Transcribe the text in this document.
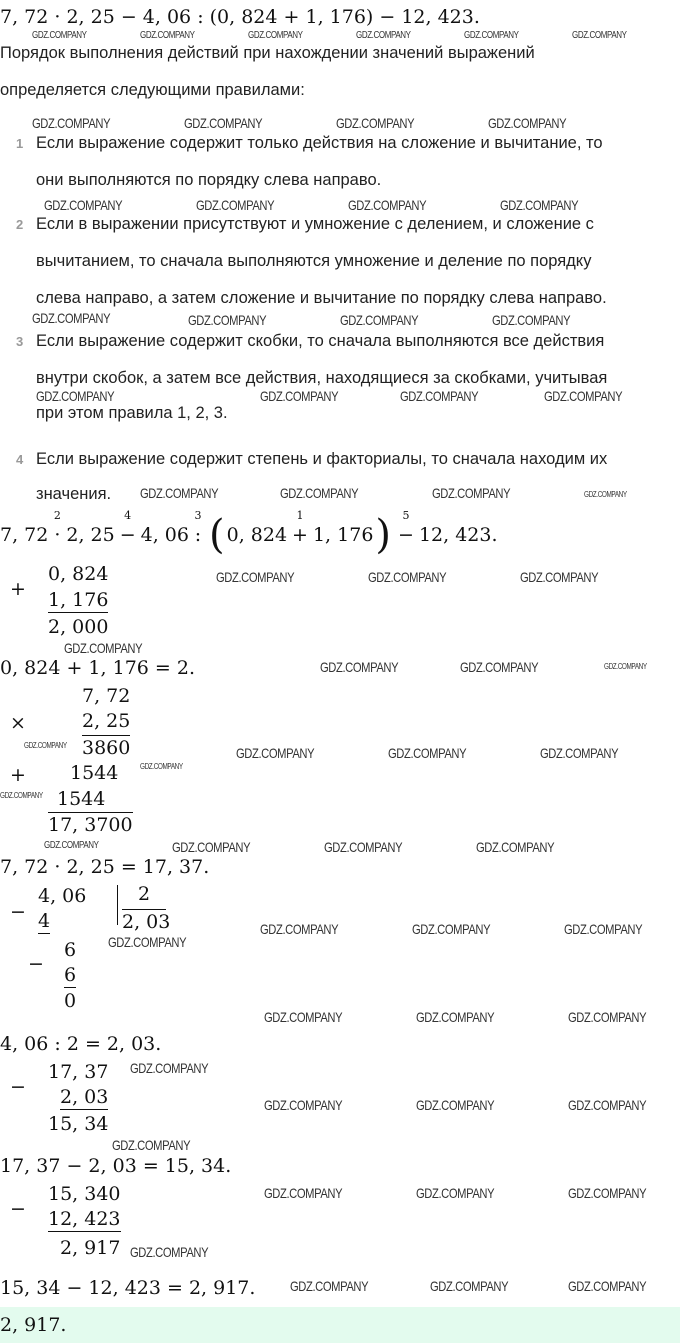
7, 72 · 2, 25 − 4, 06 : (0, 824 + 1, 176) − 12, 423.
Порядок выполнения действий при нахождении значений выражений
определяется следующими правилами:
1 Если выражение содержит только действия на сложение и вычитание, то
они выполняются по порядку слева направо.
2 Если в выражении присутствуют и умножение с делением, и сложение с
вычитанием, то сначала выполняются умножение и деление по порядку
слева направо, а затем сложение и вычитание по порядку слева направо.
3 Если выражение содержит скобки, то сначала выполняются все действия
внутри скобок, а затем все действия, находящиеся за скобками, учитывая
при этом правила 1, 2, 3.
4 Если выражение содержит степень и факториалы, то сначала находим их
значения.
7, 72 ·
2
2, 25 −
4
4, 06 :
3 ( 0, 824 +
1
1, 176 ) −
5
12, 423.
+
0, 824
1, 176
2, 000
0, 824 + 1, 176 = 2.
×
7, 72
2, 25
3860
+ 1544
1544
17, 3700
7, 72 · 2, 25 = 17, 37.
−
4, 06
4
2
2, 03
−
6
6
0
4, 06 : 2 = 2, 03.
−
17, 37
2, 03
15, 34
17, 37 − 2, 03 = 15, 34.
−
15, 340
12, 423
2, 917
15, 34 − 12, 423 = 2, 917.
2, 917.
GDZ.COMPANY	GDZ.COMPANY	GDZ.COMPANY	GDZ.COMPANY	GDZ.COMPANY	GDZ.COMPANY
GDZ.COMPANY	GDZ.COMPANY	GDZ.COMPANY	GDZ.COMPANY
GDZ.COMPANY	GDZ.COMPANY	GDZ.COMPANY	GDZ.COMPANY
GDZ.COMPANY	GDZ.COMPANY	GDZ.COMPANY	GDZ.COMPANY
GDZ.COMPANY	GDZ.COMPANY	GDZ.COMPANY	GDZ.COMPANY
GDZ.COMPANY	GDZ.COMPANY	GDZ.COMPANY	GDZ.COMPANY
GDZ.COMPANY	GDZ.COMPANY	GDZ.COMPANY
GDZ.COMPANY
GDZ.COMPANY	GDZ.COMPANY	GDZ.COMPANY
GDZ.COMPANY
GDZ.COMPANY
GDZ.COMPANY	GDZ.COMPANY	GDZ.COMPANY
GDZ.COMPANY
GDZ.COMPANY	GDZ.COMPANY	GDZ.COMPANY
GDZ.COMPANY
GDZ.COMPANY
GDZ.COMPANY	GDZ.COMPANY	GDZ.COMPANY
GDZ.COMPANY	GDZ.COMPANY	GDZ.COMPANY
GDZ.COMPANY
GDZ.COMPANY	GDZ.COMPANY	GDZ.COMPANY
GDZ.COMPANY
GDZ.COMPANY	GDZ.COMPANY	GDZ.COMPANY
GDZ.COMPANY
GDZ.COMPANY	GDZ.COMPANY	GDZ.COMPANY
